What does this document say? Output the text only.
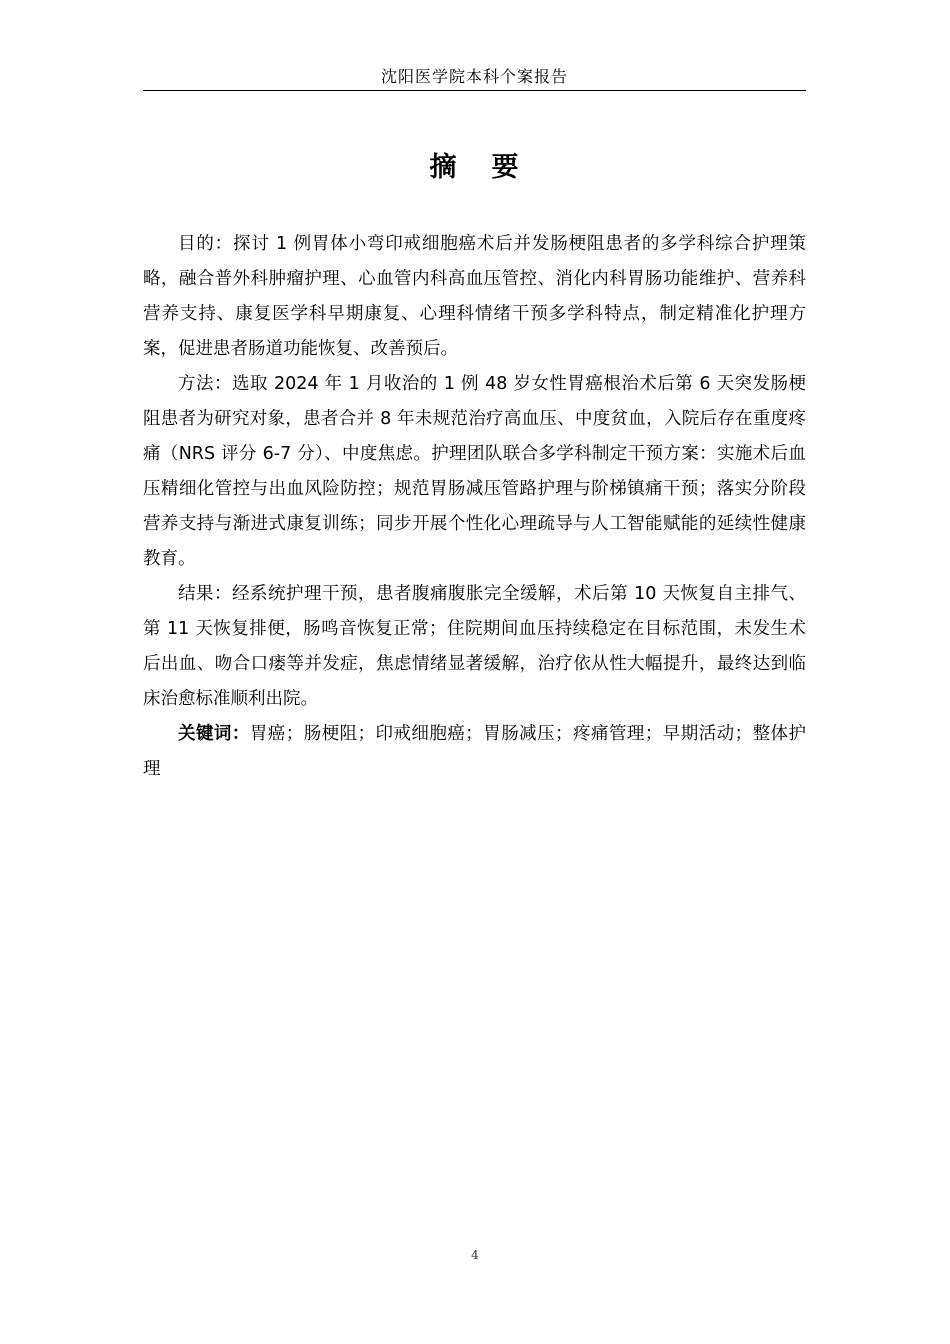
沈阳医学院本科个案报告
摘 要

目的：探讨 1 例胃体小弯印戒细胞癌术后并发肠梗阻患者的多学科综合护理策略，融合普外科肿瘤护理、心血管内科高血压管控、消化内科胃肠功能维护、营养科营养支持、康复医学科早期康复、心理科情绪干预多学科特点，制定精准化护理方案，促进患者肠道功能恢复、改善预后。

方法：选取 2024 年 1 月收治的 1 例 48 岁女性胃癌根治术后第 6 天突发肠梗阻患者为研究对象，患者合并 8 年未规范治疗高血压、中度贫血，入院后存在重度疼痛（NRS 评分 6-7 分）、中度焦虑。护理团队联合多学科制定干预方案：实施术后血压精细化管控与出血风险防控；规范胃肠减压管路护理与阶梯镇痛干预；落实分阶段营养支持与渐进式康复训练；同步开展个性化心理疏导与人工智能赋能的延续性健康教育。

结果：经系统护理干预，患者腹痛腹胀完全缓解，术后第 10 天恢复自主排气、第 11 天恢复排便，肠鸣音恢复正常；住院期间血压持续稳定在目标范围，未发生术后出血、吻合口瘘等并发症，焦虑情绪显著缓解，治疗依从性大幅提升，最终达到临床治愈标准顺利出院。

关键词：胃癌；肠梗阻；印戒细胞癌；胃肠减压；疼痛管理；早期活动；整体护理

4
